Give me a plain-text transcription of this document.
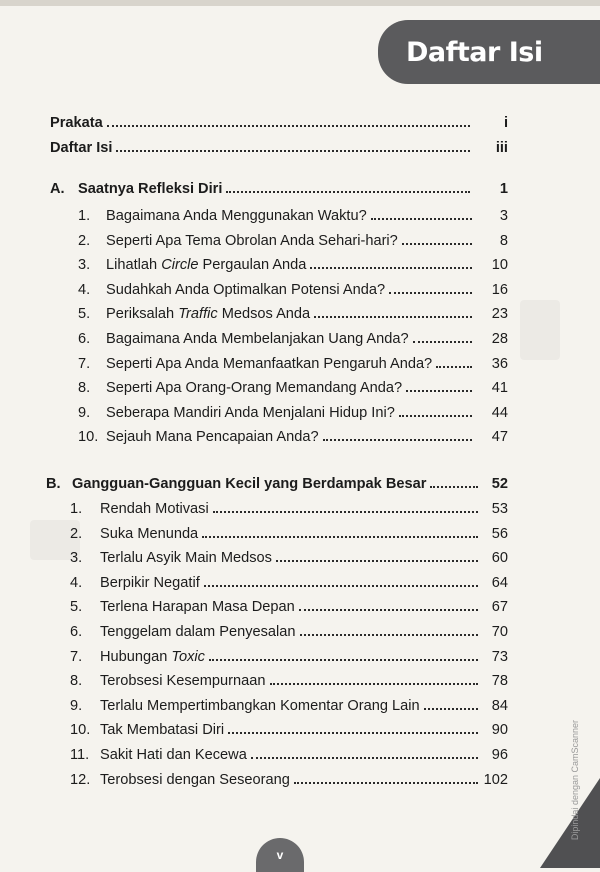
Daftar Isi
Prakata	i
Daftar Isi	iii
A. Saatnya Refleksi Diri	1
1. Bagaimana Anda Menggunakan Waktu?	3
2. Seperti Apa Tema Obrolan Anda Sehari-hari?	8
3. Lihatlah Circle Pergaulan Anda	10
4. Sudahkah Anda Optimalkan Potensi Anda?	16
5. Periksalah Traffic Medsos Anda	23
6. Bagaimana Anda Membelanjakan Uang Anda?	28
7. Seperti Apa Anda Memanfaatkan Pengaruh Anda?	36
8. Seperti Apa Orang-Orang Memandang Anda?	41
9. Seberapa Mandiri Anda Menjalani Hidup Ini?	44
10. Sejauh Mana Pencapaian Anda?	47
B. Gangguan-Gangguan Kecil yang Berdampak Besar	52
1. Rendah Motivasi	53
2. Suka Menunda	56
3. Terlalu Asyik Main Medsos	60
4. Berpikir Negatif	64
5. Terlena Harapan Masa Depan	67
6. Tenggelam dalam Penyesalan	70
7. Hubungan Toxic	73
8. Terobsesi Kesempurnaan	78
9. Terlalu Mempertimbangkan Komentar Orang Lain	84
10. Tak Membatasi Diri	90
11. Sakit Hati dan Kecewa	96
12. Terobsesi dengan Seseorang	102
v
Dipindai dengan CamScanner
